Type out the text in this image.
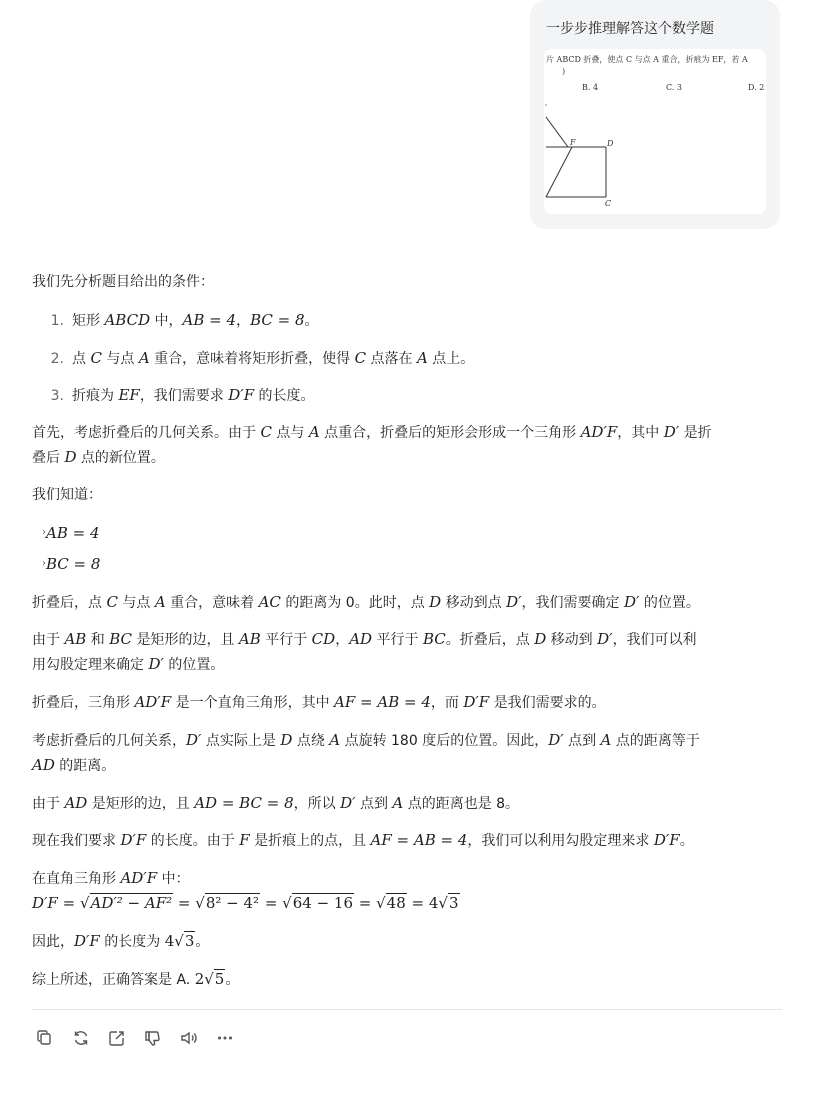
一步步推理解答这个数学题
片 ABCD 折叠，使点 C 与点 A 重合，折痕为 EF，若 A
)
B. 4	C. 3	D. 2
'
F	D
C
我们先分析题目给出的条件：
1. 矩形 ABCD 中，AB = 4，BC = 8。
2. 点 C 与点 A 重合，意味着将矩形折叠，使得 C 点落在 A 点上。
3. 折痕为 EF，我们需要求 D′F 的长度。
首先，考虑折叠后的几何关系。由于 C 点与 A 点重合，折叠后的矩形会形成一个三角形 AD′F，其中 D′ 是折
叠后 D 点的新位置。
我们知道：
› AB = 4
› BC = 8
折叠后，点 C 与点 A 重合，意味着 AC 的距离为 0。此时，点 D 移动到点 D′，我们需要确定 D′ 的位置。
由于 AB 和 BC 是矩形的边，且 AB 平行于 CD，AD 平行于 BC。折叠后，点 D 移动到 D′，我们可以利
用勾股定理来确定 D′ 的位置。
折叠后，三角形 AD′F 是一个直角三角形，其中 AF = AB = 4，而 D′F 是我们需要求的。
考虑折叠后的几何关系，D′ 点实际上是 D 点绕 A 点旋转 180 度后的位置。因此，D′ 点到 A 点的距离等于
AD 的距离。
由于 AD 是矩形的边，且 AD = BC = 8，所以 D′ 点到 A 点的距离也是 8。
现在我们要求 D′F 的长度。由于 F 是折痕上的点，且 AF = AB = 4，我们可以利用勾股定理来求 D′F。
在直角三角形 AD′F 中：
D′F = √AD′² − AF² = √8² − 4² = √64 − 16 = √48 = 4√3
因此，D′F 的长度为 4√3。
综上所述，正确答案是 A. 2√5。
